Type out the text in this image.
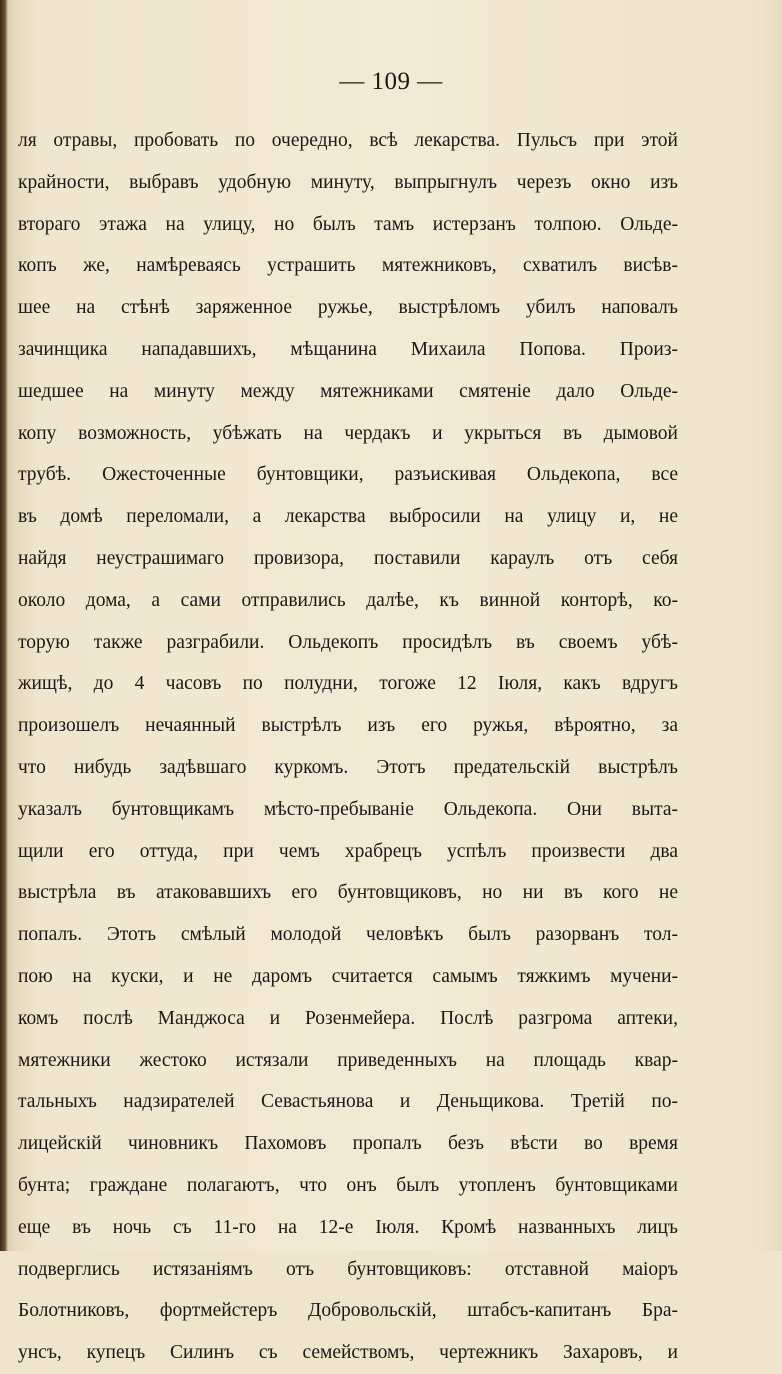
— 109 —
ля отравы, пробовать по очередно, всѣ лекарства. Пульсъ при этой
крайности, выбравъ удобную минуту, выпрыгнулъ черезъ окно изъ
втораго этажа на улицу, но былъ тамъ истерзанъ толпою. Ольде-
копъ же, намѣреваясь устрашить мятежниковъ, схватилъ висѣв-
шее на стѣнѣ заряженное ружье, выстрѣломъ убилъ наповалъ
зачинщика нападавшихъ, мѣщанина Михаила Попова. Произ-
шедшее на минуту между мятежниками смятеніе дало Ольде-
копу возможность, убѣжать на чердакъ и укрыться въ дымовой
трубѣ. Ожесточенные бунтовщики, разъискивая Ольдекопа, все
въ домѣ переломали, а лекарства выбросили на улицу и, не
найдя неустрашимаго провизора, поставили караулъ отъ себя
около дома, а сами отправились далѣе, къ винной конторѣ, ко-
торую также разграбили. Ольдекопъ просидѣлъ въ своемъ убѣ-
жищѣ, до 4 часовъ по полудни, тогоже 12 Іюля, какъ вдругъ
произошелъ нечаянный выстрѣлъ изъ его ружья, вѣроятно, за
что нибудь задѣвшаго куркомъ. Этотъ предательскій выстрѣлъ
указалъ бунтовщикамъ мѣсто-пребываніе Ольдекопа. Они выта-
щили его оттуда, при чемъ храбрецъ успѣлъ произвести два
выстрѣла въ атаковавшихъ его бунтовщиковъ, но ни въ кого не
попалъ. Этотъ смѣлый молодой человѣкъ былъ разорванъ тол-
пою на куски, и не даромъ считается самымъ тяжкимъ мучени-
комъ послѣ Манджоса и Розенмейера. Послѣ разгрома аптеки,
мятежники жестоко истязали приведенныхъ на площадь квар-
тальныхъ надзирателей Севастьянова и Деньщикова. Третій по-
лицейскій чиновникъ Пахомовъ пропалъ безъ вѣсти во время
бунта; граждане полагаютъ, что онъ былъ утопленъ бунтовщиками
еще въ ночь съ 11-го на 12-е Іюля. Кромѣ названныхъ лицъ
подверглись истязаніямъ отъ бунтовщиковъ: отставной маіоръ
Болотниковъ, фортмейстеръ Добровольскій, штабсъ-капитанъ Бра-
унсъ, купецъ Силинъ съ семействомъ, чертежникъ Захаровъ, и
